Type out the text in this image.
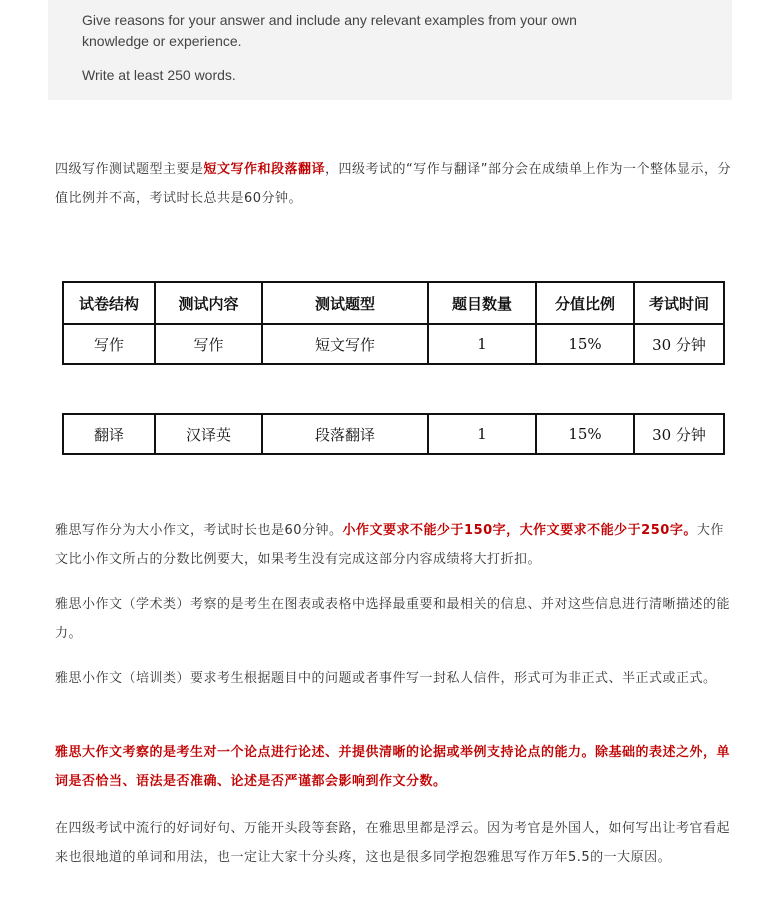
Give reasons for your answer and include any relevant examples from your own

knowledge or experience.

Write at least 250 words.

四级写作测试题型主要是短文写作和段落翻译，四级考试的“写作与翻译”部分会在成绩单上作为一个整体显示，分值比例并不高，考试时长总共是60分钟。

试卷结构	测试内容	测试题型	题目数量	分值比例	考试时间
写作	写作	短文写作	1	15%	30 分钟
翻译	汉译英	段落翻译	1	15%	30 分钟

雅思写作分为大小作文，考试时长也是60分钟。小作文要求不能少于150字，大作文要求不能少于250字。大作文比小作文所占的分数比例要大，如果考生没有完成这部分内容成绩将大打折扣。

雅思小作文（学术类）考察的是考生在图表或表格中选择最重要和最相关的信息、并对这些信息进行清晰描述的能力。

雅思小作文（培训类）要求考生根据题目中的问题或者事件写一封私人信件，形式可为非正式、半正式或正式。

雅思大作文考察的是考生对一个论点进行论述、并提供清晰的论据或举例支持论点的能力。除基础的表述之外，单词是否恰当、语法是否准确、论述是否严谨都会影响到作文分数。

在四级考试中流行的好词好句、万能开头段等套路，在雅思里都是浮云。因为考官是外国人，如何写出让考官看起来也很地道的单词和用法，也一定让大家十分头疼，这也是很多同学抱怨雅思写作万年5.5的一大原因。
